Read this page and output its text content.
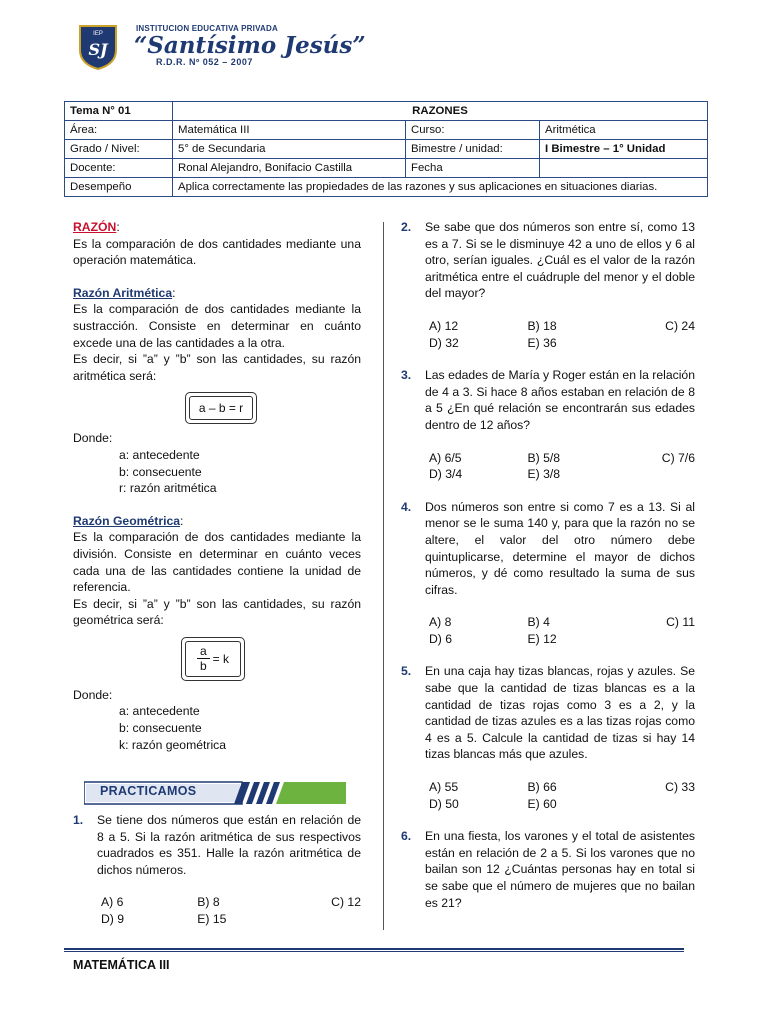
IEP
SJ
INSTITUCION EDUCATIVA PRIVADA
“Santísimo Jesús”
R.D.R. Nº 052 – 2007
Tema N° 01	RAZONES		
Área:	Matemática III	Curso:	Aritmética
Grado / Nivel:	5° de Secundaria	Bimestre / unidad:	I Bimestre – 1° Unidad
Docente:	Ronal Alejandro, Bonifacio Castilla	Fecha	
Desempeño	Aplica correctamente las propiedades de las razones y sus aplicaciones en situaciones diarias.		

RAZÓN:

Es la comparación de dos cantidades mediante una operación matemática.

Razón Aritmética:

Es la comparación de dos cantidades mediante la sustracción. Consiste en determinar en cuánto excede una de las cantidades a la otra.

Es decir, si ”a” y ”b” son las cantidades, su razón aritmética será:

a – b = r

Donde:

a: antecedente

b: consecuente

r: razón aritmética

Razón Geométrica:

Es la comparación de dos cantidades mediante la división. Consiste en determinar en cuánto veces cada una de las cantidades contiene la unidad de referencia.

Es decir, si ”a” y ”b” son las cantidades, su razón geométrica será:

$\frac{a}{b} = k$

Donde:

a: antecedente

b: consecuente

k: razón geométrica

PRACTICAMOS
1.	Se tiene dos números que están en relación de 8 a 5. Si la razón aritmética de sus respectivos cuadrados es 351. Halle la razón aritmética de dichos números.
A) 6	B) 8	C) 12
D) 9	E) 15
2.	Se sabe que dos números son entre sí, como 13 es a 7. Si se le disminuye 42 a uno de ellos y 6 al otro, serían iguales. ¿Cuál es el valor de la razón aritmética entre el cuádruple del menor y el doble del mayor?
A) 12	B) 18	C) 24
D) 32	E) 36
3.	Las edades de María y Roger están en la relación de 4 a 3. Si hace 8 años estaban en relación de 8 a 5 ¿En qué relación se encontrarán sus edades dentro de 12 años?
A) 6/5	B) 5/8	C) 7/6
D) 3/4	E) 3/8
4.	Dos números son entre si como 7 es a 13. Si al menor se le suma 140 y, para que la razón no se altere, el valor del otro número debe quintuplicarse, determine el mayor de dichos números, y dé como resultado la suma de sus cifras.
A) 8	B) 4	C) 11
D) 6	E) 12
5.	En una caja hay tizas blancas, rojas y azules. Se sabe que la cantidad de tizas blancas es a la cantidad de tizas rojas como 3 es a 2, y la cantidad de tizas azules es a las tizas rojas como 4 es a 5. Calcule la cantidad de tizas si hay 14 tizas blancas más que azules.
A) 55	B) 66	C) 33
D) 50	E) 60
6.	En una fiesta, los varones y el total de asistentes están en relación de 2 a 5. Si los varones que no bailan son 12 ¿Cuántas personas hay en total si se sabe que el número de mujeres que no bailan es 21?
MATEMÁTICA III
